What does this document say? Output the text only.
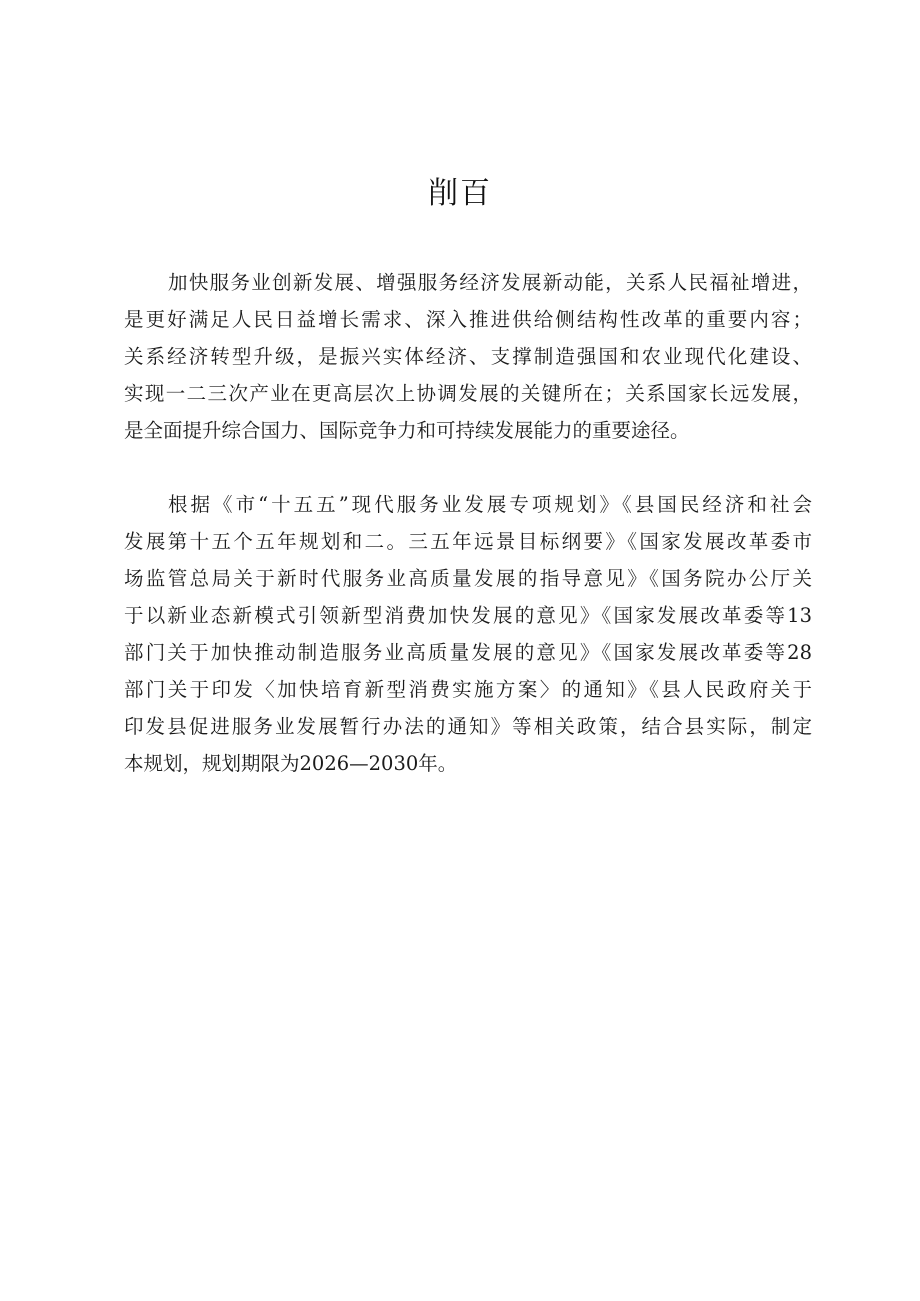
削百
加快服务业创新发展、增强服务经济发展新动能，关系人民福祉增进，
是更好满足人民日益增长需求、深入推进供给侧结构性改革的重要内容；
关系经济转型升级，是振兴实体经济、支撑制造强国和农业现代化建设、
实现一二三次产业在更高层次上协调发展的关键所在；关系国家长远发展，
是全面提升综合国力、国际竞争力和可持续发展能力的重要途径。
根据《市“十五五”现代服务业发展专项规划》《县国民经济和社会
发展第十五个五年规划和二。三五年远景目标纲要》《国家发展改革委市
场监管总局关于新时代服务业高质量发展的指导意见》《国务院办公厅关
于以新业态新模式引领新型消费加快发展的意见》《国家发展改革委等13
部门关于加快推动制造服务业高质量发展的意见》《国家发展改革委等28
部门关于印发〈加快培育新型消费实施方案〉的通知》《县人民政府关于
印发县促进服务业发展暂行办法的通知》等相关政策，结合县实际，制定
本规划，规划期限为2026—2030年。
